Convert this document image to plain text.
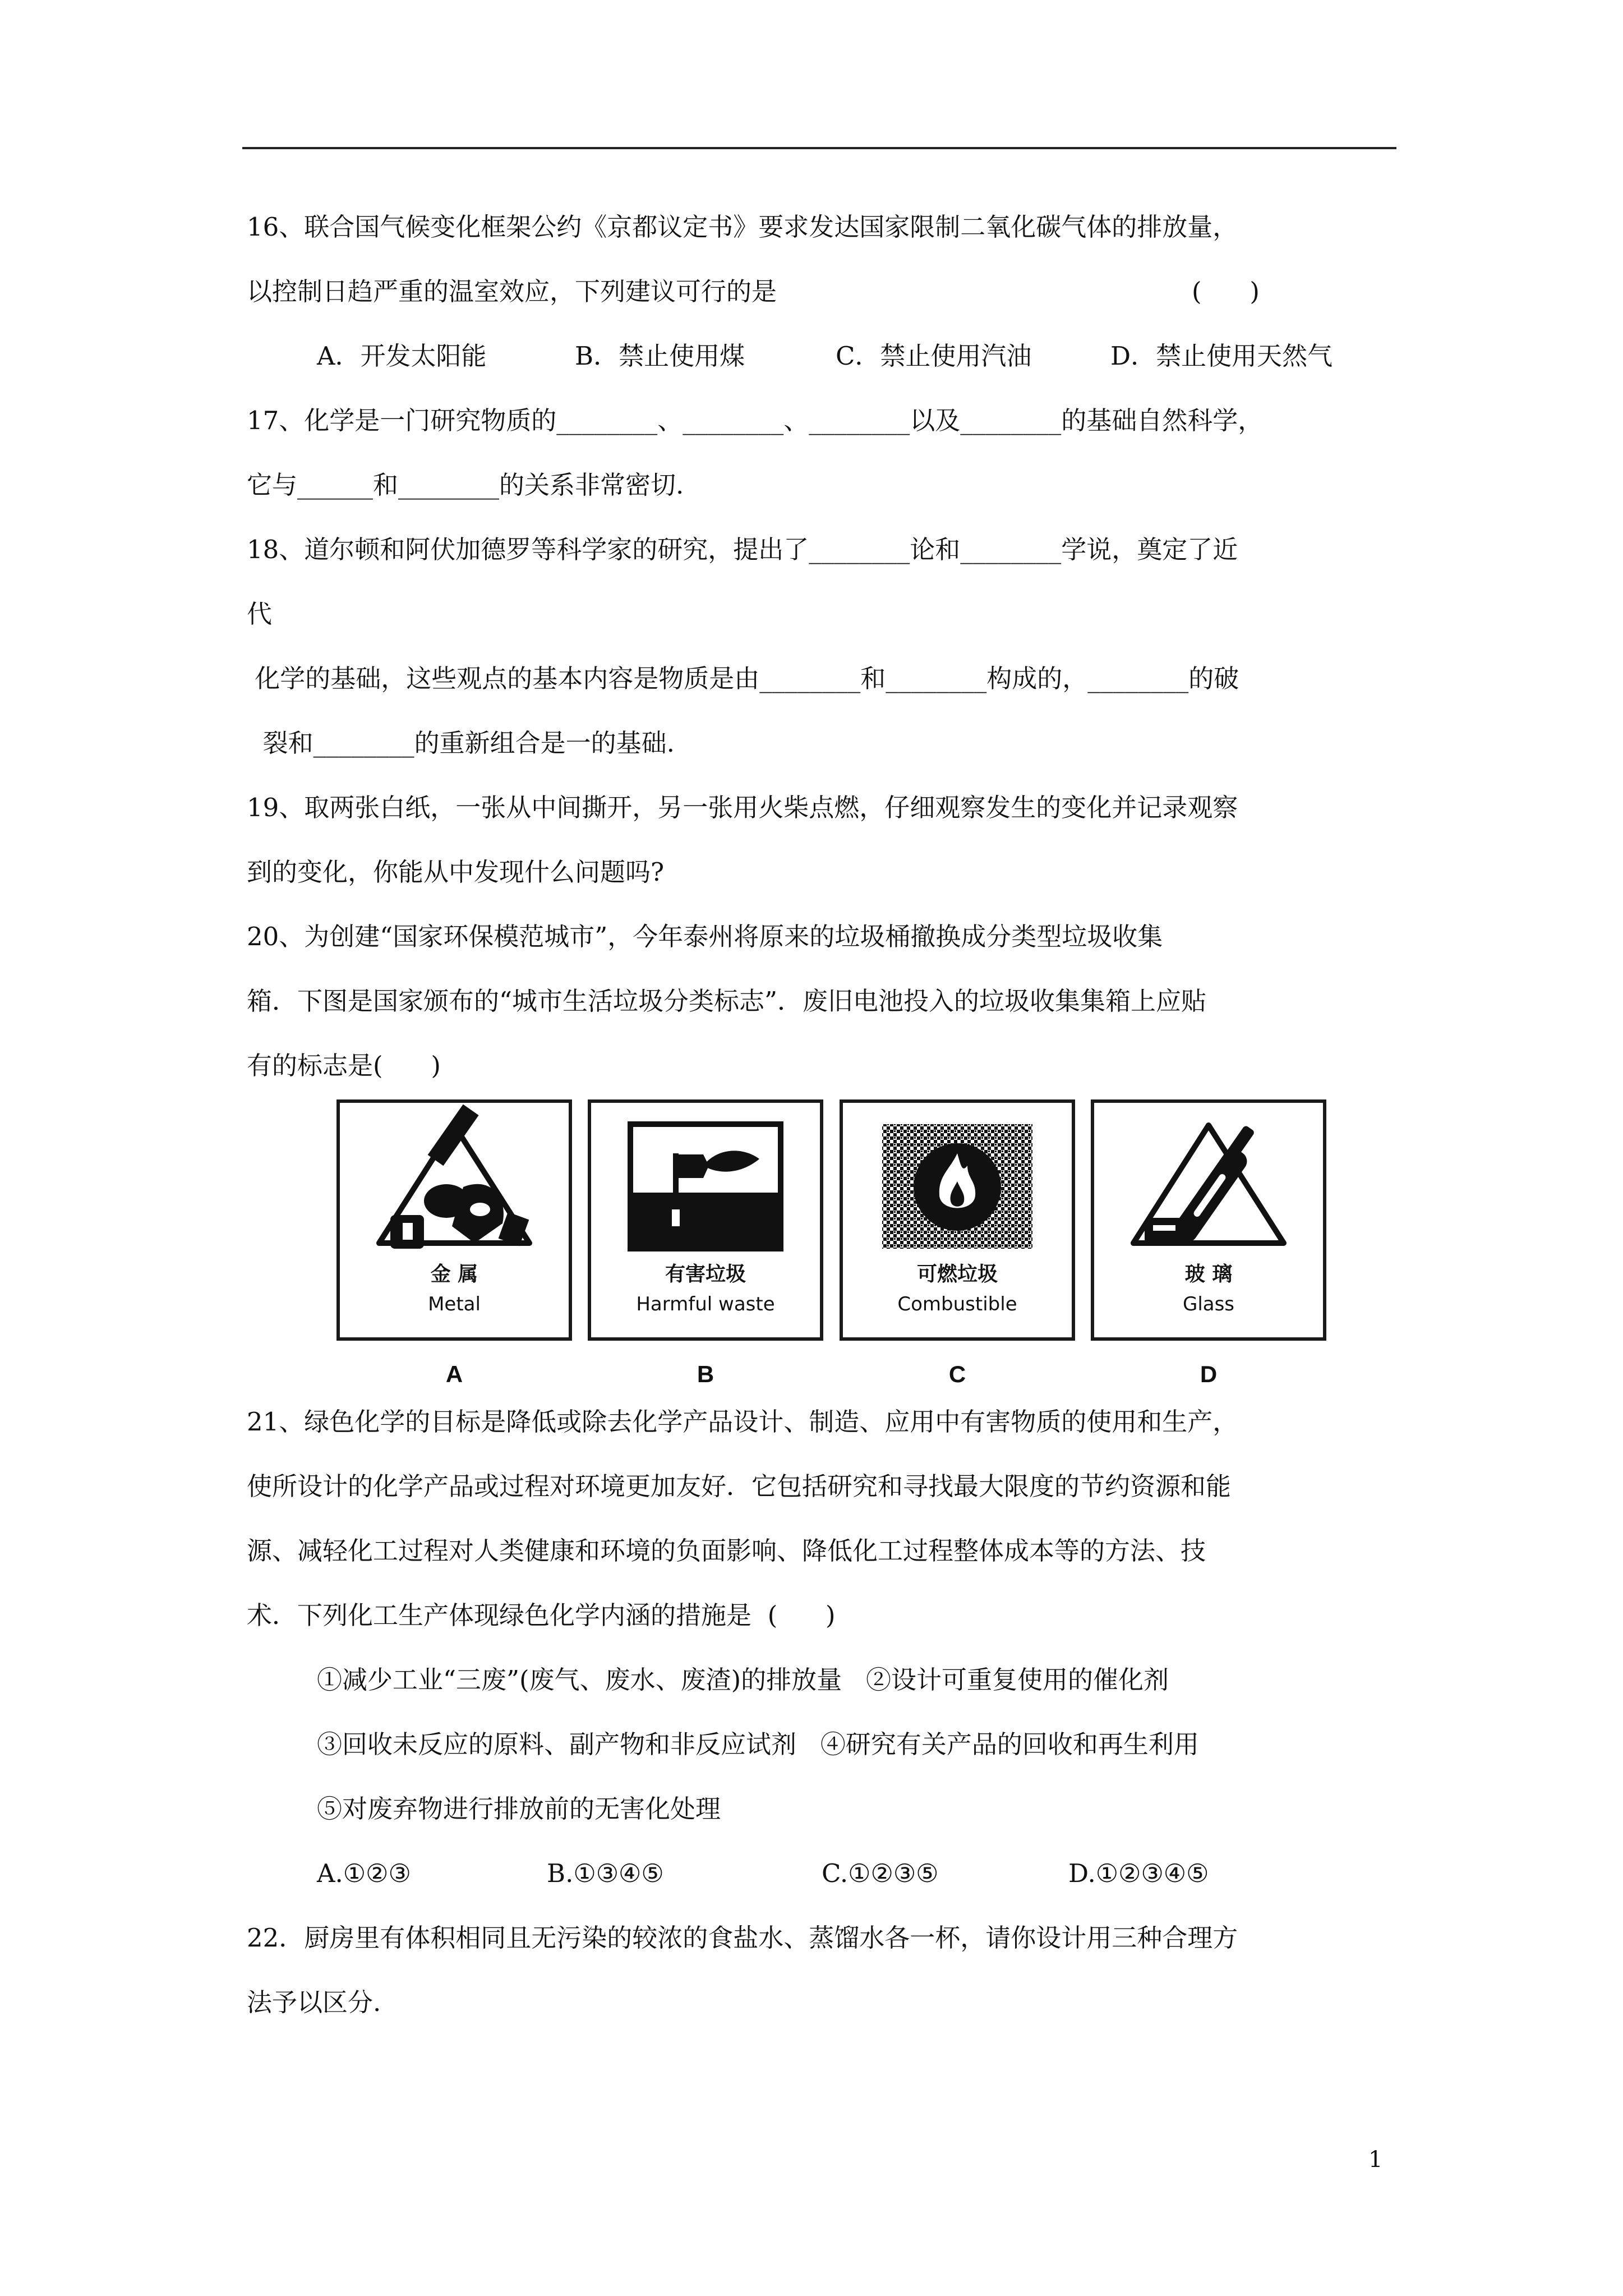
16、联合国气候变化框架公约《京都议定书》要求发达国家限制二氧化碳气体的排放量，
以控制日趋严重的温室效应，下列建议可行的是	(      )
A．开发太阳能	B．禁止使用煤	C．禁止使用汽油	D．禁止使用天然气
17、化学是一门研究物质的________、________、________以及________的基础自然科学，
它与______和________的关系非常密切.
18、道尔顿和阿伏加德罗等科学家的研究，提出了________论和________学说，奠定了近
代
化学的基础，这些观点的基本内容是物质是由________和________构成的，________的破
裂和________的重新组合是一的基础.
19、取两张白纸，一张从中间撕开，另一张用火柴点燃，仔细观察发生的变化并记录观察
到的变化，你能从中发现什么问题吗?
20、为创建“国家环保模范城市”，今年泰州将原来的垃圾桶撤换成分类型垃圾收集
箱．下图是国家颁布的“城市生活垃圾分类标志”．废旧电池投入的垃圾收集集箱上应贴
有的标志是(      )
金 属
Metal
有害垃圾
Harmful waste
可燃垃圾
Combustible
玻 璃
Glass
A	B	C	D
21、绿色化学的目标是降低或除去化学产品设计、制造、应用中有害物质的使用和生产，
使所设计的化学产品或过程对环境更加友好．它包括研究和寻找最大限度的节约资源和能
源、减轻化工过程对人类健康和环境的负面影响、降低化工过程整体成本等的方法、技
术．下列化工生产体现绿色化学内涵的措施是  (      )
①减少工业“三废”(废气、废水、废渣)的排放量   ②设计可重复使用的催化剂
③回收未反应的原料、副产物和非反应试剂   ④研究有关产品的回收和再生利用
⑤对废弃物进行排放前的无害化处理
A.①②③	B.①③④⑤	C.①②③⑤	D.①②③④⑤
22．厨房里有体积相同且无污染的较浓的食盐水、蒸馏水各一杯，请你设计用三种合理方
法予以区分.
1
